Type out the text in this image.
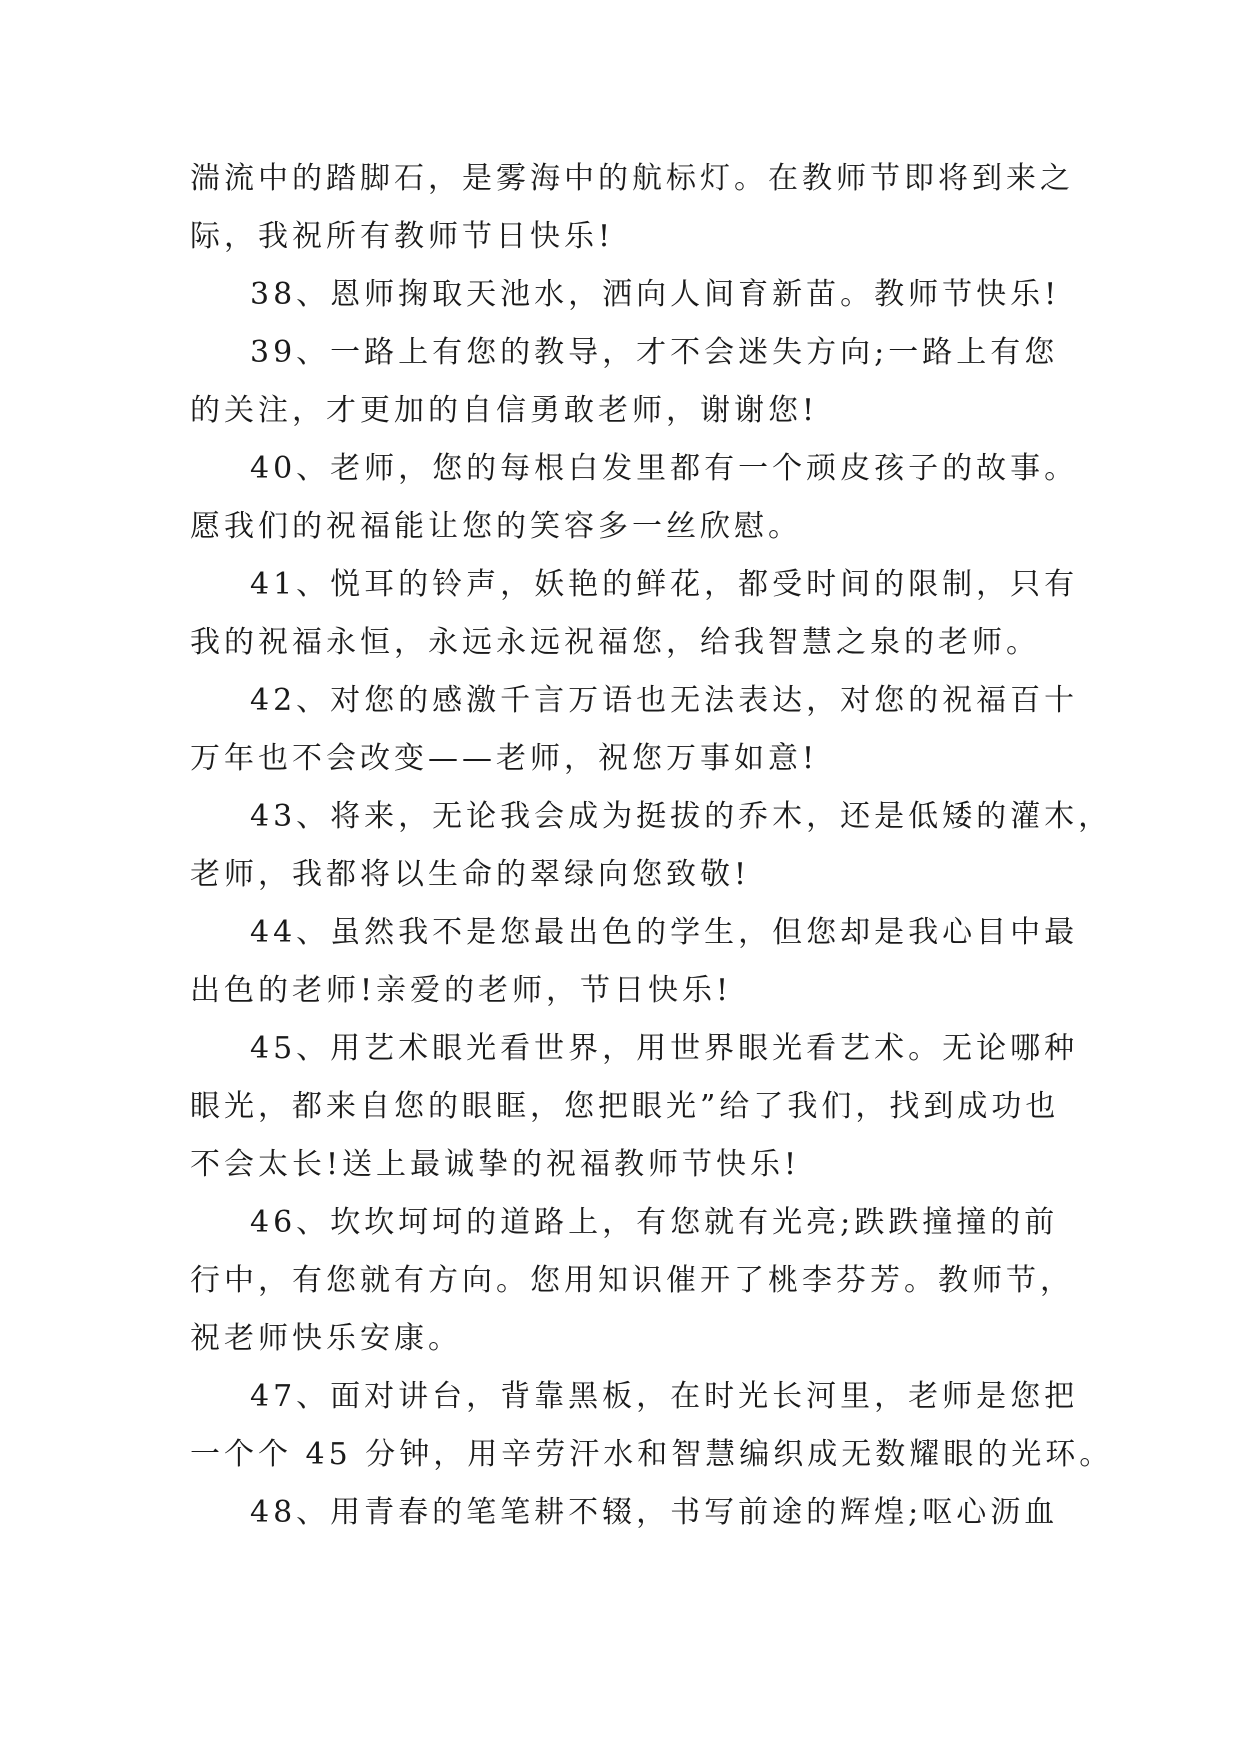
湍流中的踏脚石，是雾海中的航标灯。在教师节即将到来之
际，我祝所有教师节日快乐!
38、恩师掬取天池水，洒向人间育新苗。教师节快乐!
39、一路上有您的教导，才不会迷失方向;一路上有您
的关注，才更加的自信勇敢老师，谢谢您!
40、老师，您的每根白发里都有一个顽皮孩子的故事。
愿我们的祝福能让您的笑容多一丝欣慰。
41、悦耳的铃声，妖艳的鲜花，都受时间的限制，只有
我的祝福永恒，永远永远祝福您，给我智慧之泉的老师。
42、对您的感激千言万语也无法表达，对您的祝福百十
万年也不会改变——老师，祝您万事如意!
43、将来，无论我会成为挺拔的乔木，还是低矮的灌木，
老师，我都将以生命的翠绿向您致敬!
44、虽然我不是您最出色的学生，但您却是我心目中最
出色的老师!亲爱的老师，节日快乐!
45、用艺术眼光看世界，用世界眼光看艺术。无论哪种
眼光，都来自您的眼眶，您把眼光”给了我们，找到成功也
不会太长!送上最诚挚的祝福教师节快乐!
46、坎坎坷坷的道路上，有您就有光亮;跌跌撞撞的前
行中，有您就有方向。您用知识催开了桃李芬芳。教师节，
祝老师快乐安康。
47、面对讲台，背靠黑板，在时光长河里，老师是您把
一个个 45 分钟，用辛劳汗水和智慧编织成无数耀眼的光环。
48、用青春的笔笔耕不辍，书写前途的辉煌;呕心沥血
